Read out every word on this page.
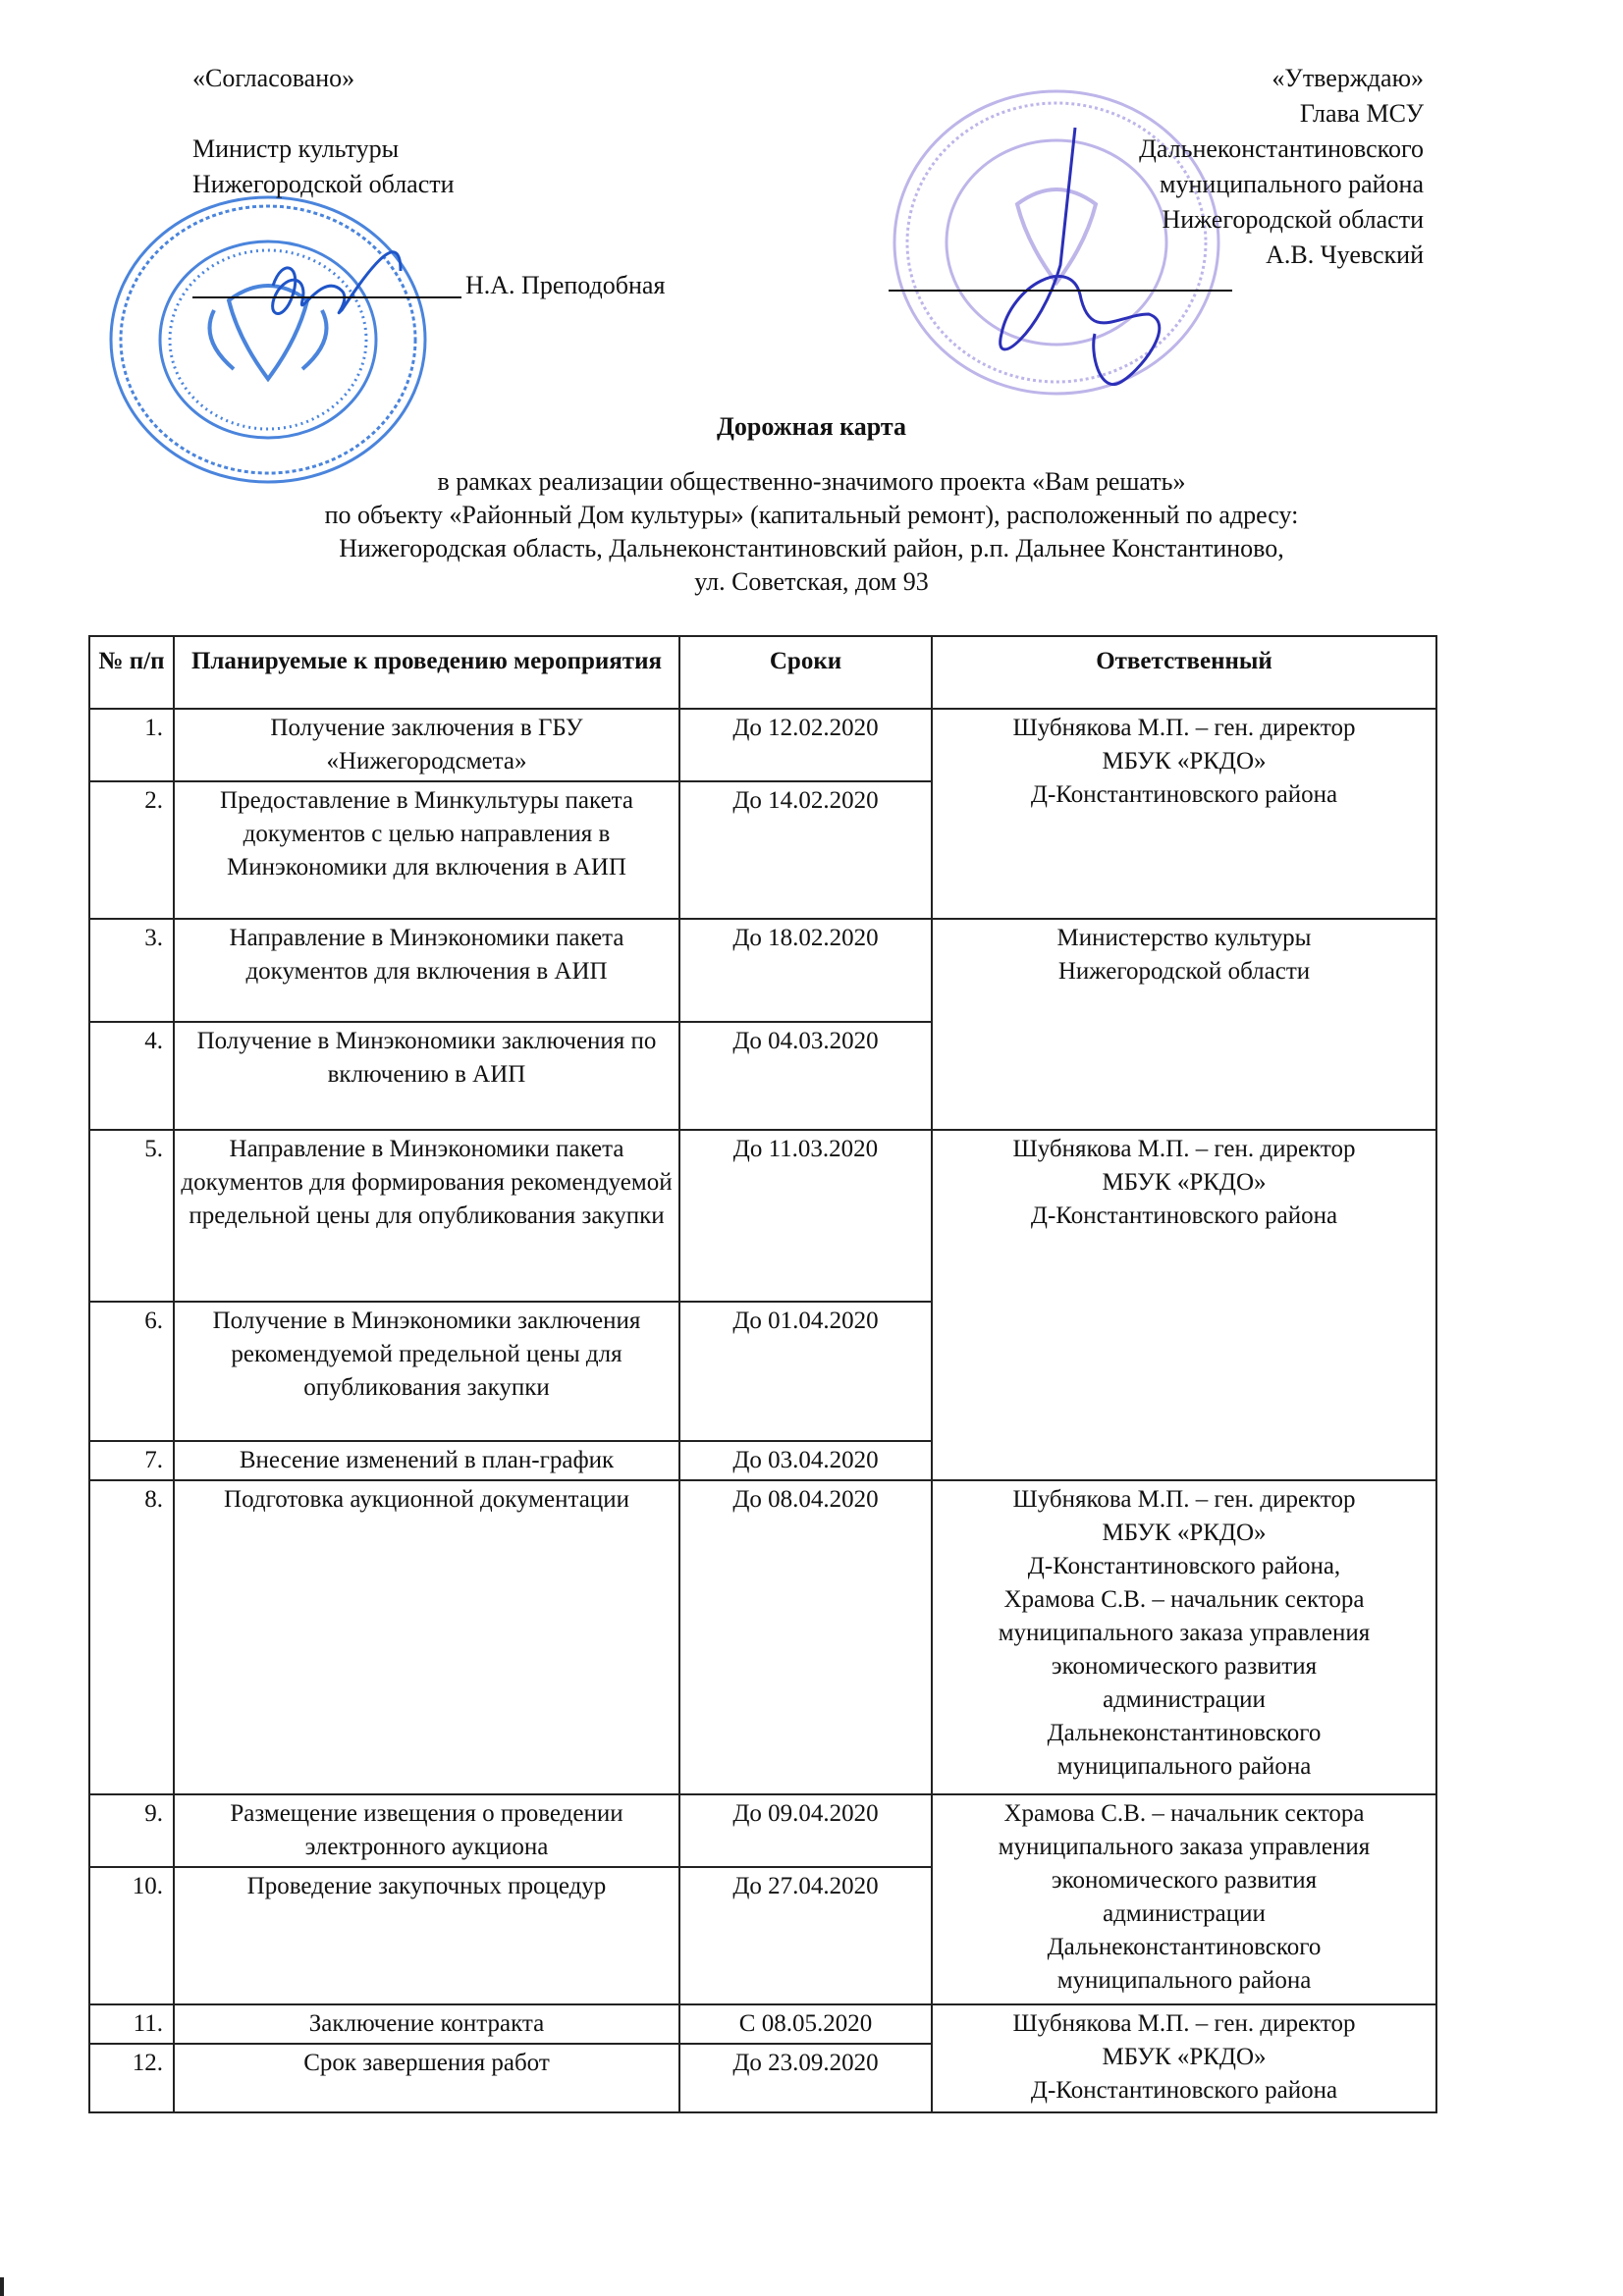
«Согласовано»
Министр культуры
Нижегородской области
Н.А. Преподобная
«Утверждаю»
Глава МСУ
Дальнеконстантиновского
муниципального района
Нижегородской области
А.В. Чуевский
Дорожная карта
в рамках реализации общественно-значимого проекта «Вам решать»
по объекту «Районный Дом культуры» (капитальный ремонт), расположенный по адресу:
Нижегородская область, Дальнеконстантиновский район, р.п. Дальнее Константиново,
ул. Советская, дом 93
№ п/п	Планируемые к проведению мероприятия	Сроки	Ответственный
1.	Получение заключения в ГБУ «Нижегородсмета»	До 12.02.2020	Шубнякова М.П. – ген. директор
МБУК «РКДО»
Д-Константиновского района

2.	Предоставление в Минкультуры пакета документов с целью направления в Минэкономики для включения в АИП	До 14.02.2020	
3.	Направление в Минэкономики пакета документов для включения в АИП	До 18.02.2020	Министерство культуры
Нижегородской области

4.	Получение в Минэкономики заключения по включению в АИП	До 04.03.2020	
5.	Направление в Минэкономики пакета документов для формирования рекомендуемой предельной цены для опубликования закупки	До 11.03.2020	Шубнякова М.П. – ген. директор
МБУК «РКДО»
Д-Константиновского района

6.	Получение в Минэкономики заключения рекомендуемой предельной цены для опубликования закупки	До 01.04.2020	
7.	Внесение изменений в план-график	До 03.04.2020	
8.	Подготовка аукционной документации	До 08.04.2020	Шубнякова М.П. – ген. директор
МБУК «РКДО»
Д-Константиновского района,
Храмова С.В. – начальник сектора
муниципального заказа управления
экономического развития
администрации
Дальнеконстантиновского
муниципального района

9.	Размещение извещения о проведении электронного аукциона	До 09.04.2020	Храмова С.В. – начальник сектора
муниципального заказа управления
экономического развития
администрации
Дальнеконстантиновского
муниципального района

10.	Проведение закупочных процедур	До 27.04.2020	
11.	Заключение контракта	С 08.05.2020	Шубнякова М.П. – ген. директор
МБУК «РКДО»
Д-Константиновского района

12.	Срок завершения работ	До 23.09.2020	
